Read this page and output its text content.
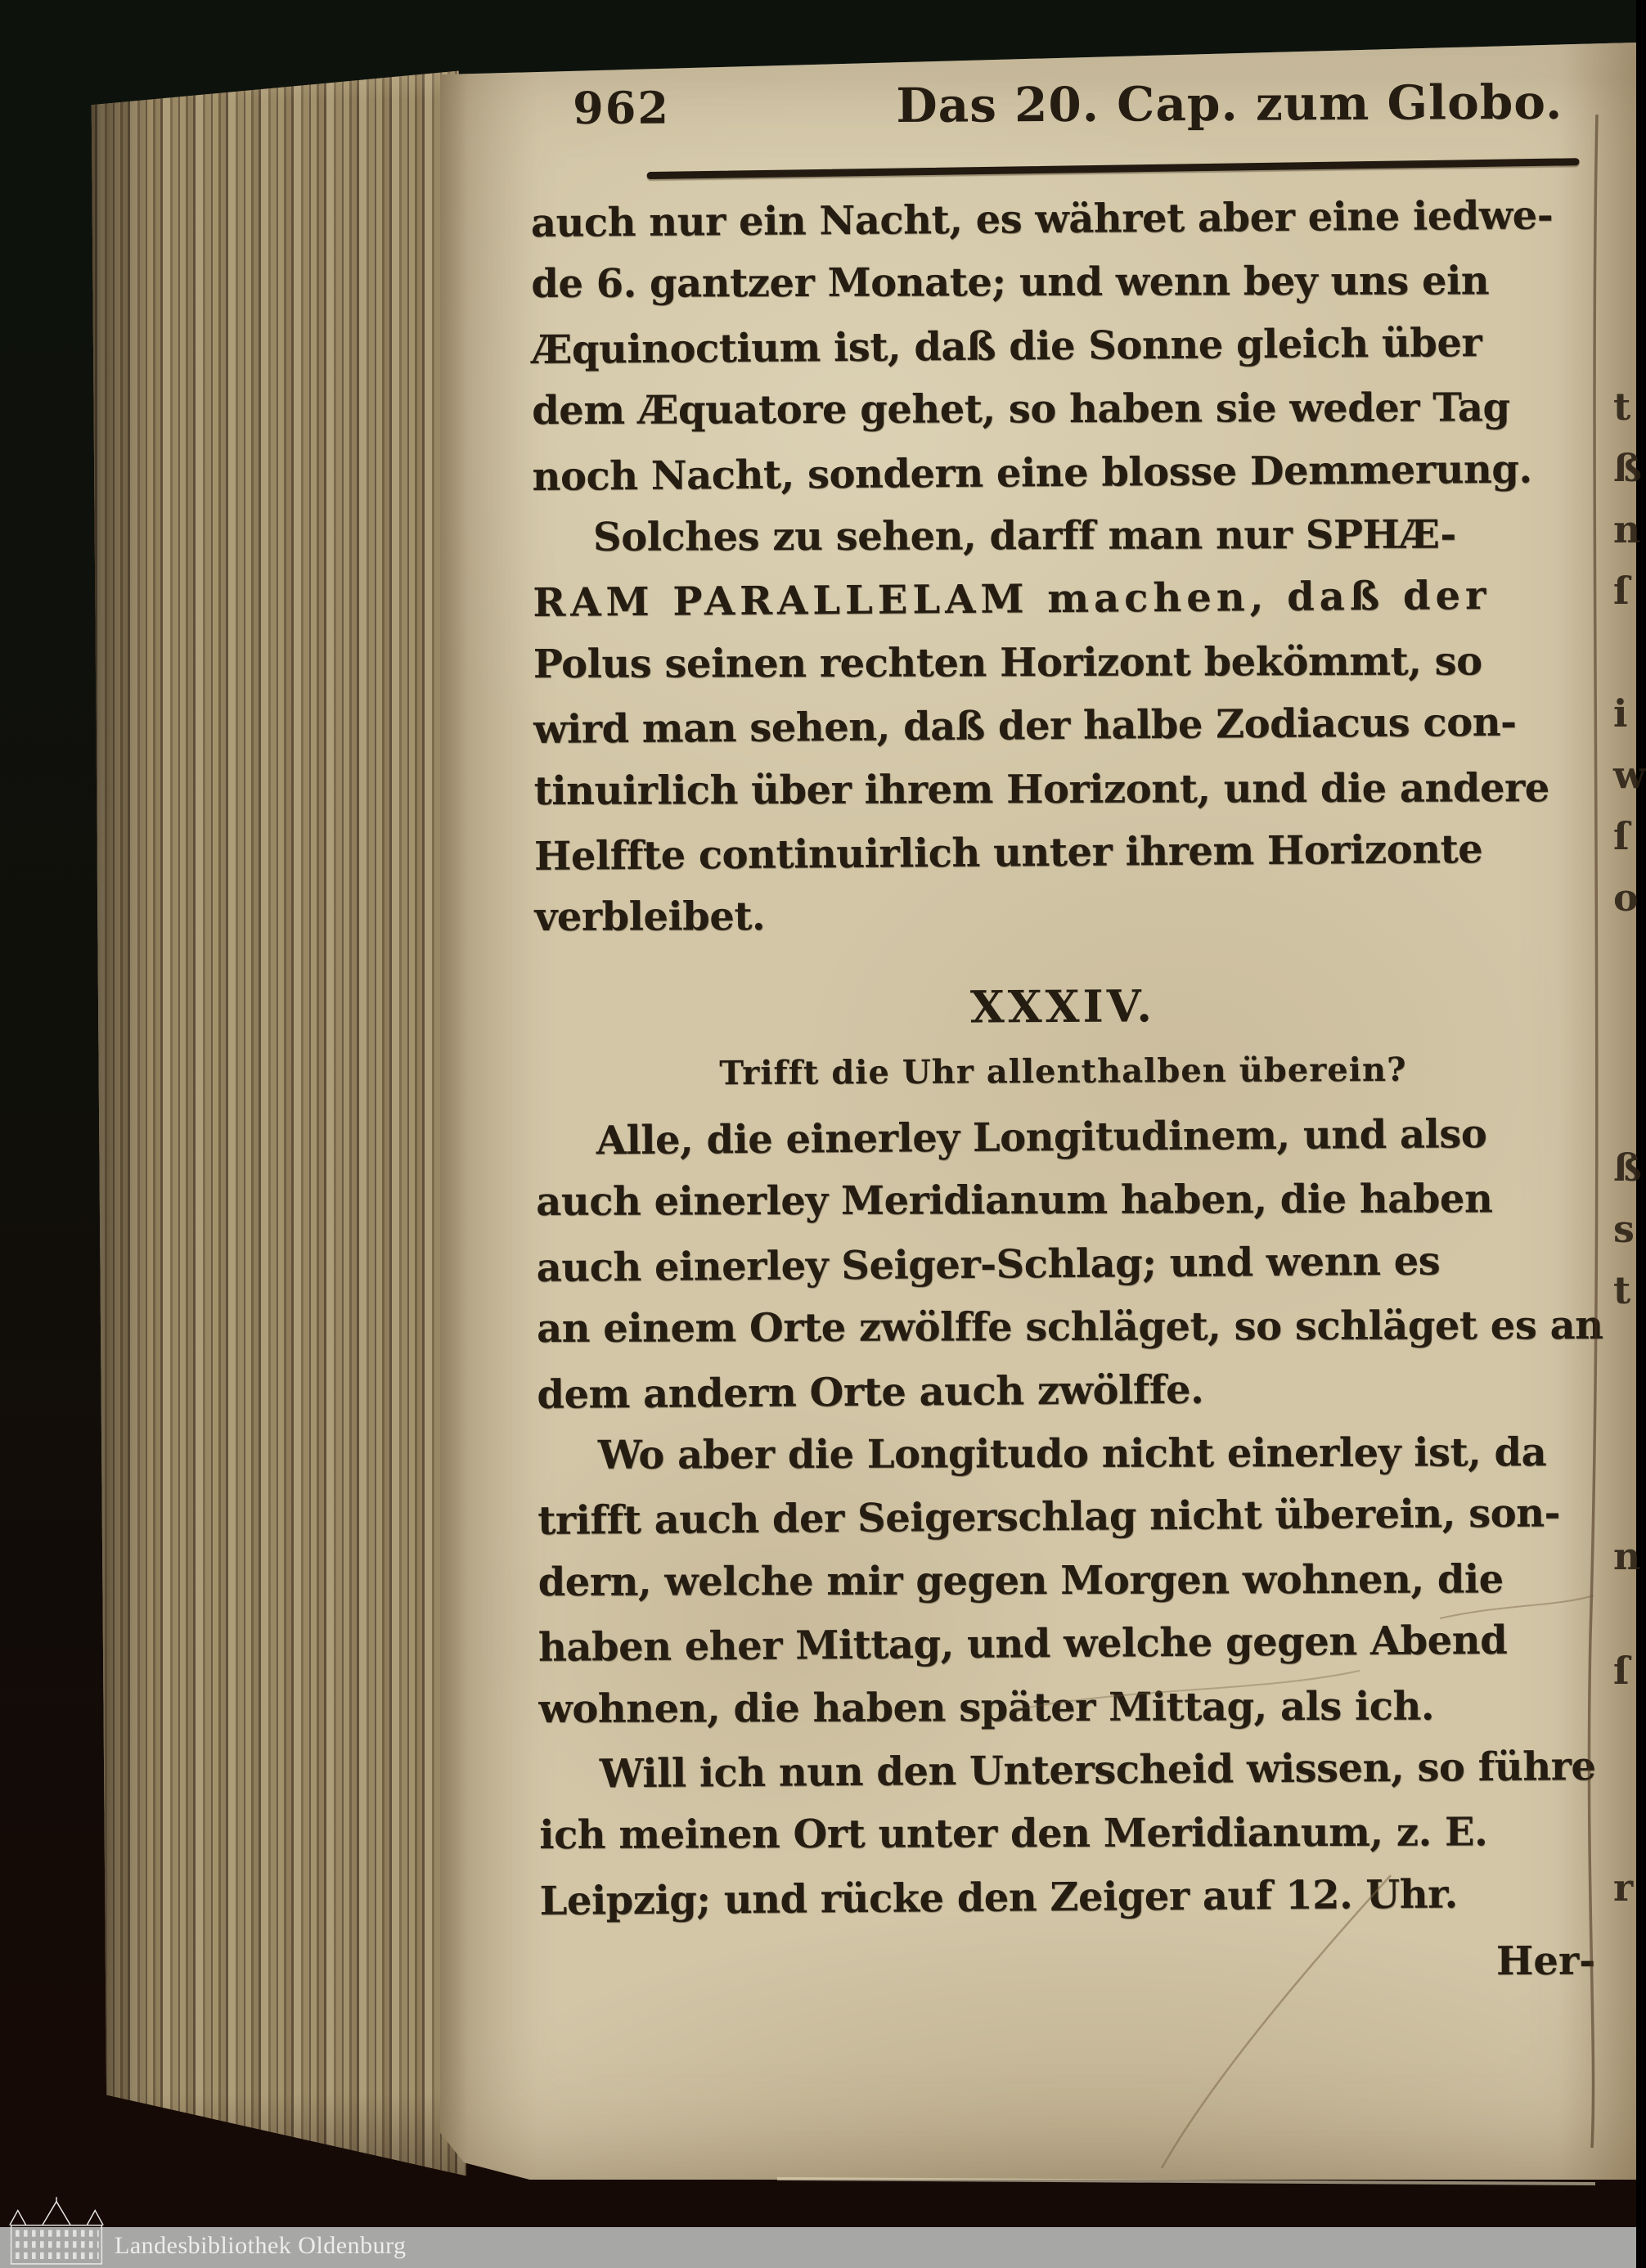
962	Das 20. Cap. zum Globo.
auch nur ein Nacht, es währet aber eine iedwe-
de 6. gantzer Monate; und wenn bey uns ein
Æquinoctium ist, daß die Sonne gleich über
dem Æquatore gehet, so haben sie weder Tag
noch Nacht, sondern eine blosse Demmerung.
Solches zu sehen, darff man nur SPHÆ-
RAM PARALLELAM machen, daß der
Polus seinen rechten Horizont bekömmt, so
wird man sehen, daß der halbe Zodiacus con-
tinuirlich über ihrem Horizont, und die andere
Helffte continuirlich unter ihrem Horizonte
verbleibet.
XXXIV.
Trifft die Uhr allenthalben überein?
Alle, die einerley Longitudinem, und also
auch einerley Meridianum haben, die haben
auch einerley Seiger-Schlag; und wenn es
an einem Orte zwölffe schläget, so schläget es an
dem andern Orte auch zwölffe.
Wo aber die Longitudo nicht einerley ist, da
trifft auch der Seigerschlag nicht überein, son-
dern, welche mir gegen Morgen wohnen, die
haben eher Mittag, und welche gegen Abend
wohnen, die haben später Mittag, als ich.
Will ich nun den Unterscheid wissen, so führe
ich meinen Ort unter den Meridianum, z. E.
Leipzig; und rücke den Zeiger auf 12. Uhr.
Her-
t
ß
n
ſ
i
w
ſ
o
ß
s
t
n
ſ
r
Landesbibliothek Oldenburg
